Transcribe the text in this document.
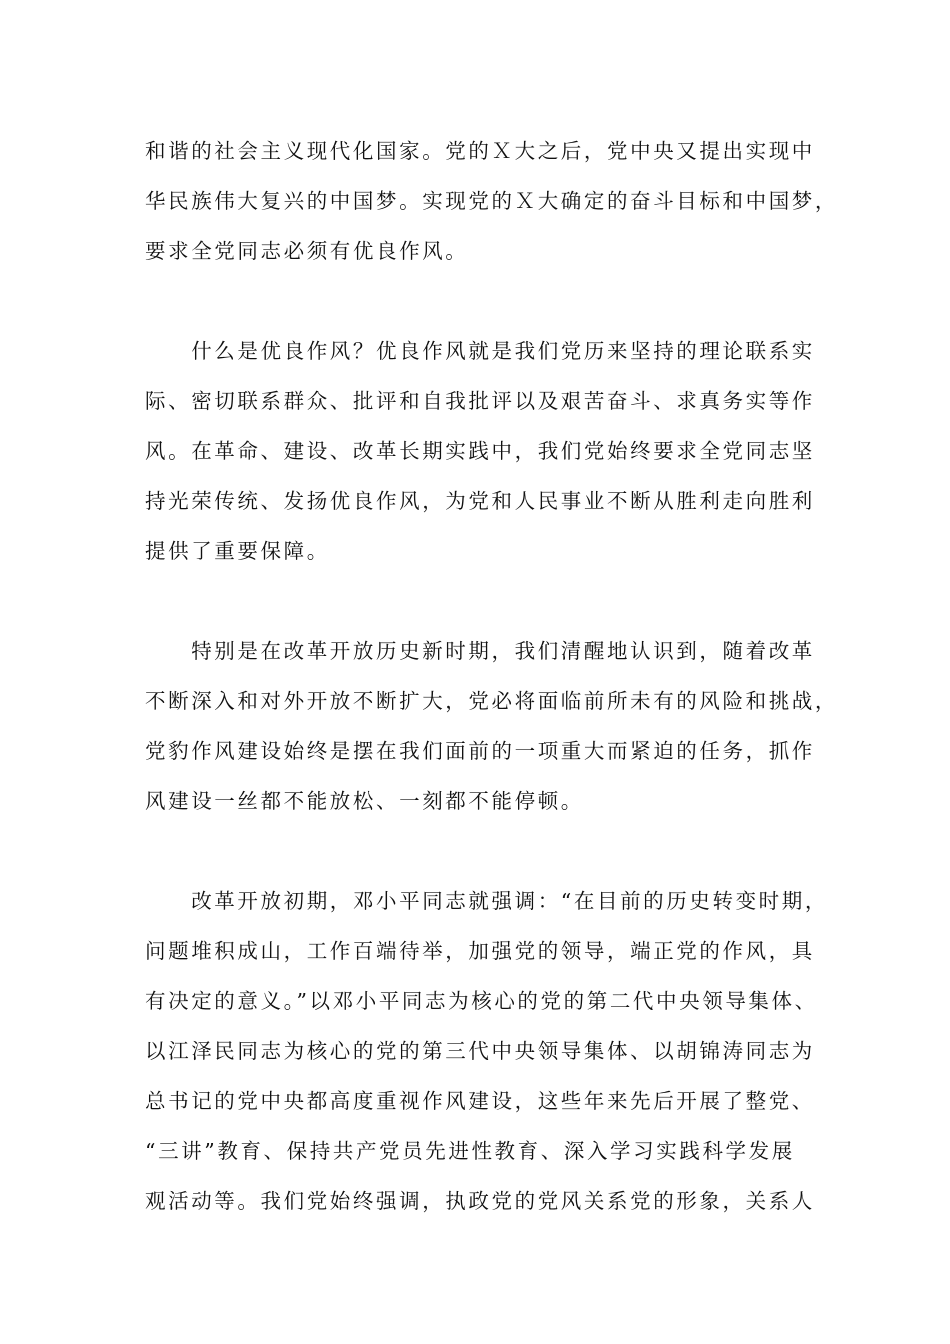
和谐的社会主义现代化国家。党的Ｘ大之后，党中央又提出实现中
华民族伟大复兴的中国梦。实现党的Ｘ大确定的奋斗目标和中国梦，
要求全党同志必须有优良作风。
　　什么是优良作风？优良作风就是我们党历来坚持的理论联系实
际、密切联系群众、批评和自我批评以及艰苦奋斗、求真务实等作
风。在革命、建设、改革长期实践中，我们党始终要求全党同志坚
持光荣传统、发扬优良作风，为党和人民事业不断从胜利走向胜利
提供了重要保障。
　　特别是在改革开放历史新时期，我们清醒地认识到，随着改革
不断深入和对外开放不断扩大，党必将面临前所未有的风险和挑战，
党豹作风建设始终是摆在我们面前的一项重大而紧迫的任务，抓作
风建设一丝都不能放松、一刻都不能停顿。
　　改革开放初期，邓小平同志就强调：“在目前的历史转变时期，
问题堆积成山，工作百端待举，加强党的领导，端正党的作风，具
有决定的意义。”以邓小平同志为核心的党的第二代中央领导集体、
以江泽民同志为核心的党的第三代中央领导集体、以胡锦涛同志为
总书记的党中央都高度重视作风建设，这些年来先后开展了整党、
“三讲”教育、保持共产党员先进性教育、深入学习实践科学发展
观活动等。我们党始终强调，执政党的党风关系党的形象，关系人
